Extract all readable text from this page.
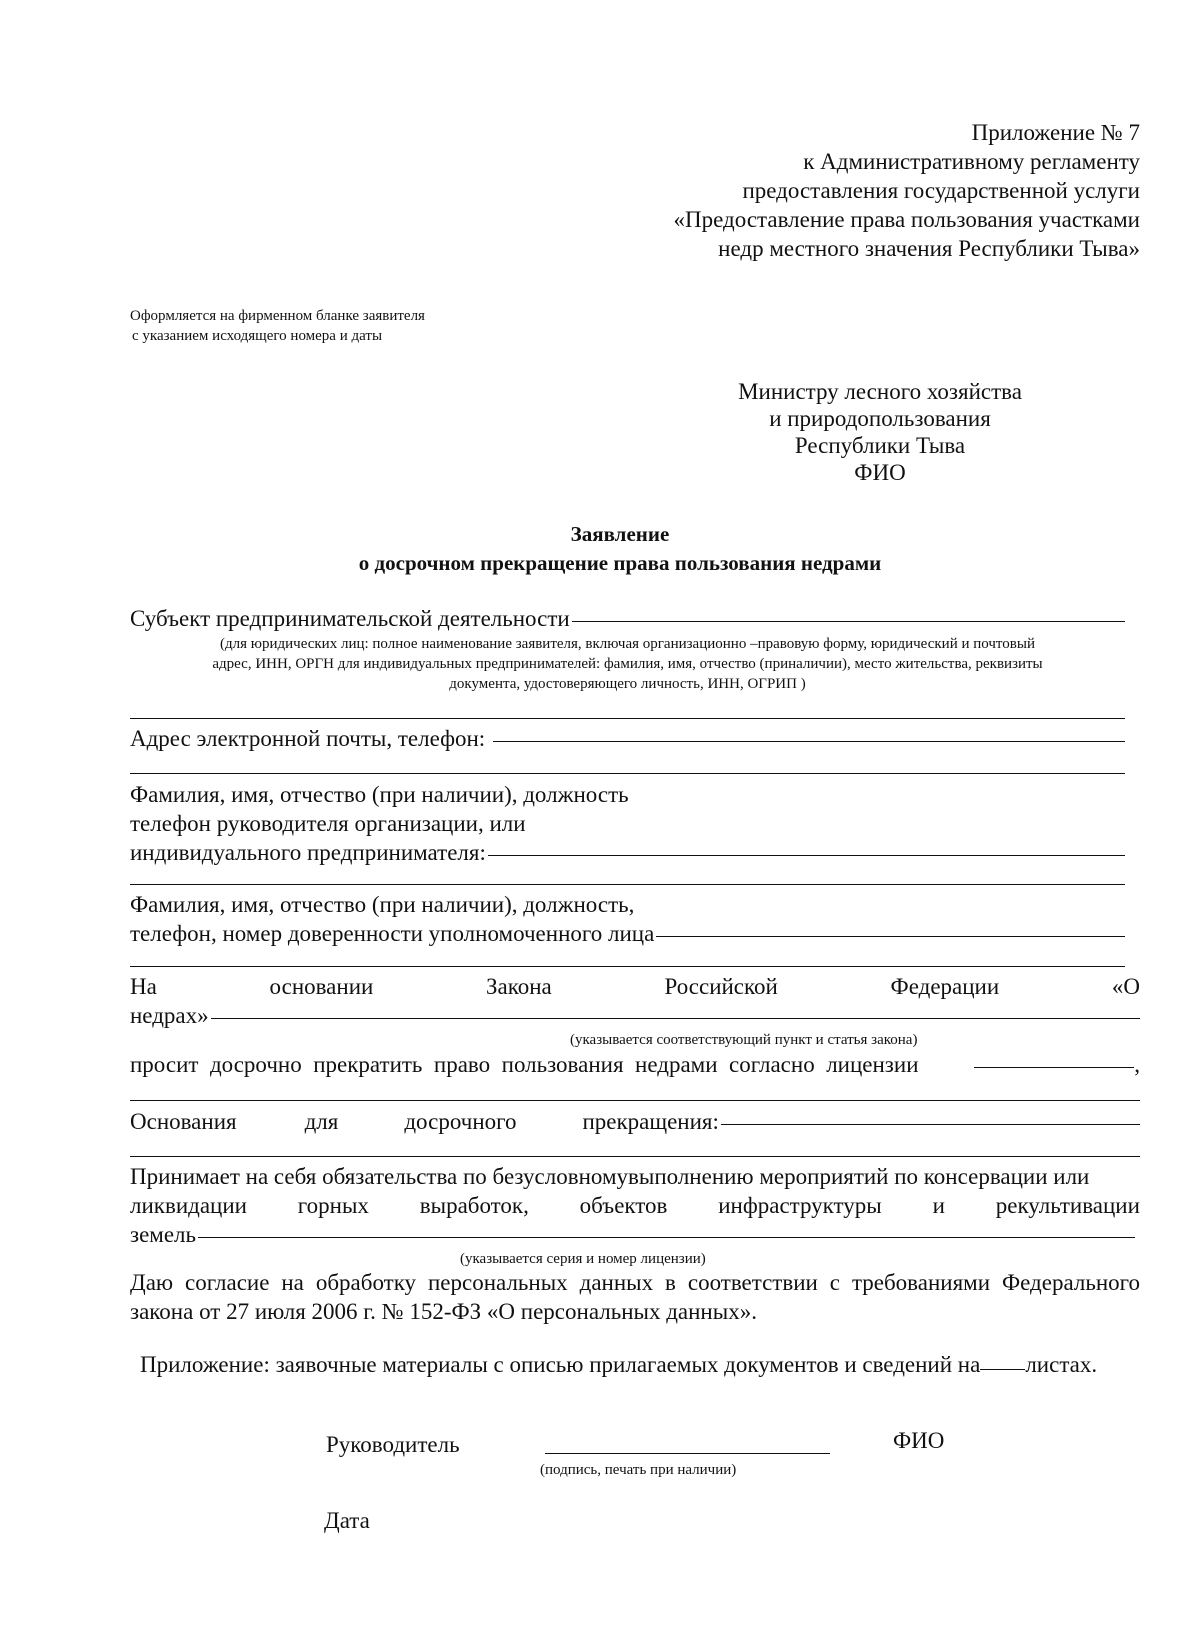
Приложение № 7
к Административному регламенту
предоставления государственной услуги
«Предоставление права пользования участками
недр местного значения Республики Тыва»
Оформляется на фирменном бланке заявителя
с указанием исходящего номера и даты
Министру лесного хозяйства
и природопользования
Республики Тыва
ФИО
Заявление
о досрочном прекращение права пользования недрами
Субъект предпринимательской деятельности
(для юридических лиц: полное наименование заявителя, включая организационно –правовую форму, юридический и почтовый
адрес, ИНН, ОРГН для индивидуальных предпринимателей: фамилия, имя, отчество (приналичии), место жительства, реквизиты
документа, удостоверяющего личность, ИНН, ОГРИП )
Адрес электронной почты, телефон:
Фамилия, имя, отчество (при наличии), должность
телефон руководителя организации, или
индивидуального предпринимателя:
Фамилия, имя, отчество (при наличии), должность,
телефон, номер доверенности уполномоченного лица
На	основании	Закона	Российской	Федерации	«О
недрах»
(указывается соответствующий пункт и статья закона)
просит  досрочно  прекратить  право  пользования  недрами  согласно  лицензии	,
Основания	для	досрочного	прекращения:
Принимает на себя обязательства по безусловномувыполнению мероприятий по консервации или
ликвидации горных выработок, объектов инфраструктуры и рекультивации
земель
(указывается серия и номер лицензии)
Даю согласие на обработку персональных данных в соответствии с требованиями Федерального
закона от 27 июля 2006 г. № 152-ФЗ «О персональных данных».
Приложение: заявочные материалы с описью прилагаемых документов и сведений на листах.
Руководитель	ФИО
(подпись, печать при наличии)
Дата
